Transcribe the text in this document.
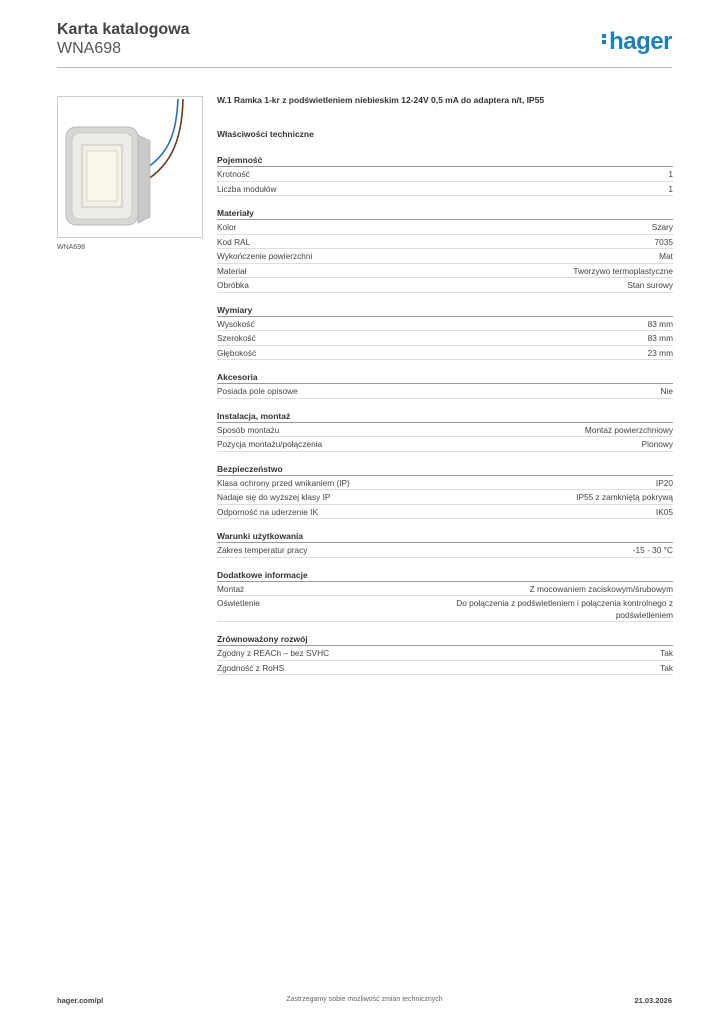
Karta katalogowa
WNA698	hager
WNA698
W.1 Ramka 1-kr z podświetleniem niebieskim 12-24V 0,5 mA do adaptera n/t, IP55
Właściwości techniczne
Pojemność
Krotność	1
Liczba modułów	1
Materiały
Kolor	Szary
Kod RAL	7035
Wykończenie powierzchni	Mat
Materiał	Tworzywo termoplastyczne
Obróbka	Stan surowy
Wymiary
Wysokość	83 mm
Szerokość	83 mm
Głębokość	23 mm
Akcesoria
Posiada pole opisowe	Nie
Instalacja, montaż
Sposób montażu	Montaż powierzchniowy
Pozycja montażu/połączenia	Pionowy
Bezpieczeństwo
Klasa ochrony przed wnikaniem (IP)	IP20
Nadaje się do wyższej klasy IP	IP55 z zamkniętą pokrywą
Odporność na uderzenie IK	IK05
Warunki użytkowania
Zakres temperatur pracy	-15 - 30 °C
Dodatkowe informacje
Montaż	Z mocowaniem zaciskowym/śrubowym
Oświetlenie	Do połączenia z podświetleniem i połączenia kontrolnego z podświetleniem
Zrównoważony rozwój
Zgodny z REACh – bez SVHC	Tak
Zgodność z RoHS	Tak
hager.com/pl	Zastrzegamy sobie możliwość zmian technicznych	21.03.2026
